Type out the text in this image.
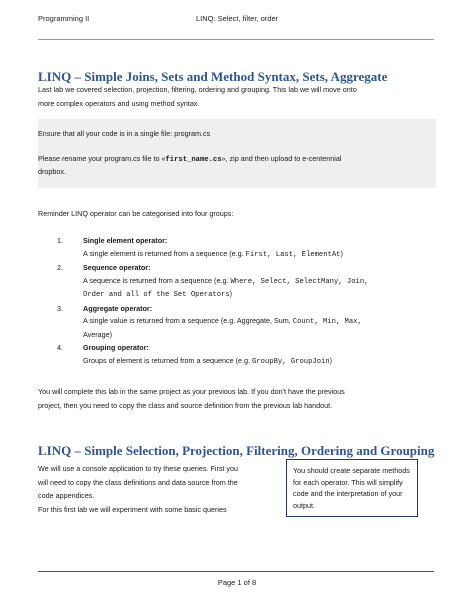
Programming II	LINQ: Select, filter, order
LINQ – Simple Joins, Sets and Method Syntax, Sets, Aggregate
Last lab we covered selection, projection, filtering, ordering and grouping. This lab we will move onto
more complex operators and using method syntax.
Ensure that all your code is in a single file: program.cs
Please rename your program.cs file to «first_name.cs», zip and then upload to e-centennial
dropbox.
Reminder LINQ operator can be categorised into four groups:
1.	Single element operator:
A single element is returned from a sequence (e.g. First, Last, ElementAt)
2.	Sequence operator:
A sequence is returned from a sequence (e.g. Where, Select, SelectMany, Join,
Order and all of the Set Operators)
3.	Aggregate operator:
A single value is returned from a sequence (e.g. Aggregate, Sum, Count, Min, Max,
Average)
4.	Grouping operator:
Groups of element is returned from a sequence (e.g. GroupBy, GroupJoin)
You will complete this lab in the same project as your previous lab. If you don't have the previous
project, then you need to copy the class and source definition from the previous lab handout.
LINQ – Simple Selection, Projection, Filtering, Ordering and Grouping
We will use a console application to try these queries. First you
will need to copy the class definitions and data source from the
code appendices.
For this first lab we will experiment with some basic queries
You should create separate methods
for each operator. This will simplify
code and the interpretation of your
output.
Page 1 of 8
